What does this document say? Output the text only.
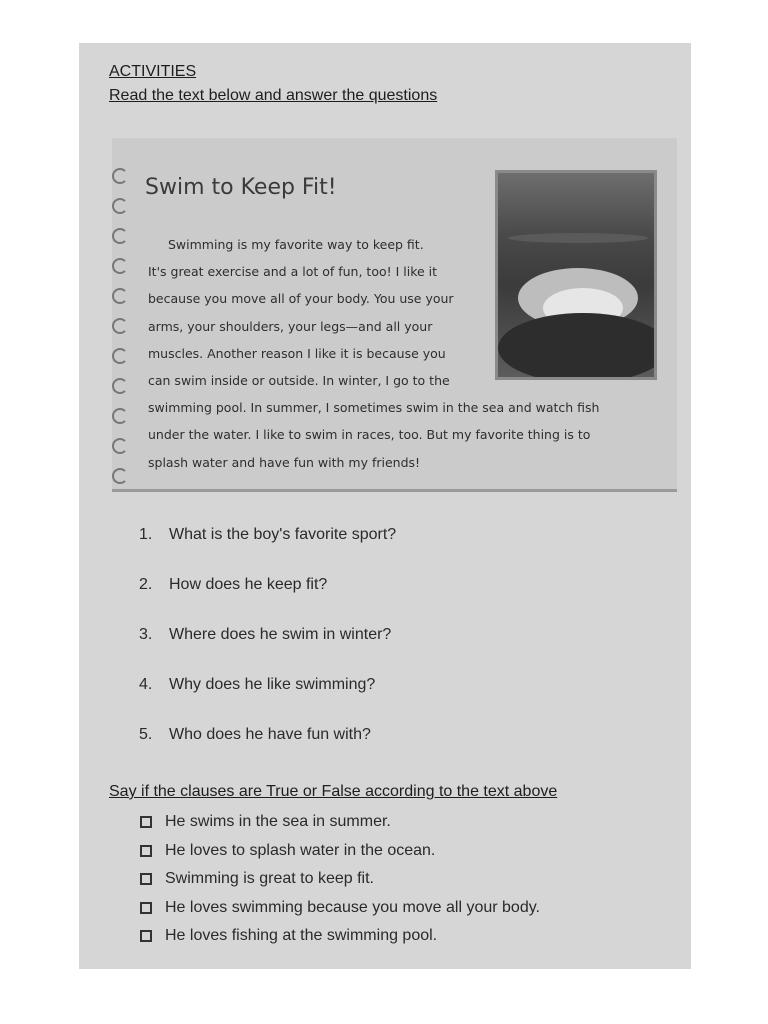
ACTIVITIES
Read the text below and answer the questions
Swim to Keep Fit!
Swimming is my favorite way to keep fit.
It's great exercise and a lot of fun, too! I like it
because you move all of your body. You use your
arms, your shoulders, your legs—and all your
muscles. Another reason I like it is because you
can swim inside or outside. In winter, I go to the
swimming pool. In summer, I sometimes swim in the sea and watch fish
under the water. I like to swim in races, too. But my favorite thing is to
splash water and have fun with my friends!
1. What is the boy's favorite sport?
2. How does he keep fit?
3. Where does he swim in winter?
4. Why does he like swimming?
5. Who does he have fun with?
Say if the clauses are True or False according to the text above
He swims in the sea in summer.
He loves to splash water in the ocean.
Swimming is great to keep fit.
He loves swimming because you move all your body.
He loves fishing at the swimming pool.
